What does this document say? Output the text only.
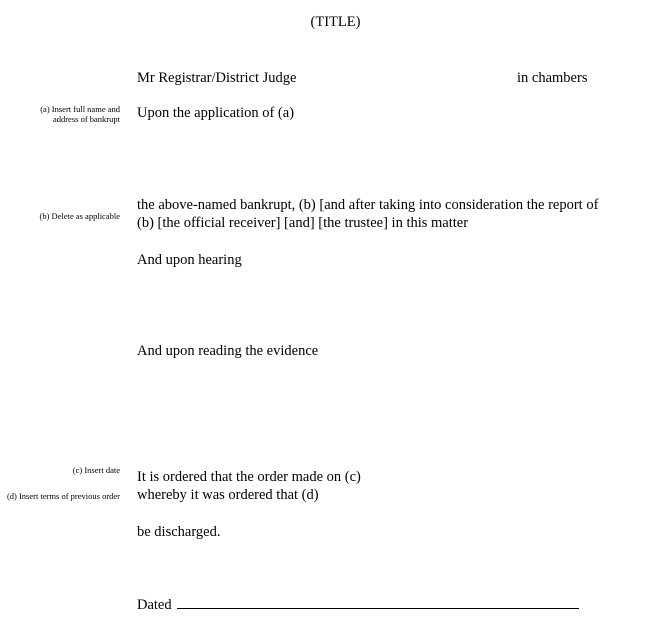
(TITLE)
Mr Registrar/District Judge	in chambers
(a) Insert full name and address of bankrupt Upon the application of (a)
(b) Delete as applicable
the above-named bankrupt, (b) [and after taking into consideration the report of
(b) [the official receiver] [and] [the trustee] in this matter
And upon hearing
And upon reading the evidence
(c) Insert date It is ordered that the order made on (c)
(d) Insert terms of previous order whereby it was ordered that (d)
be discharged.
Dated
